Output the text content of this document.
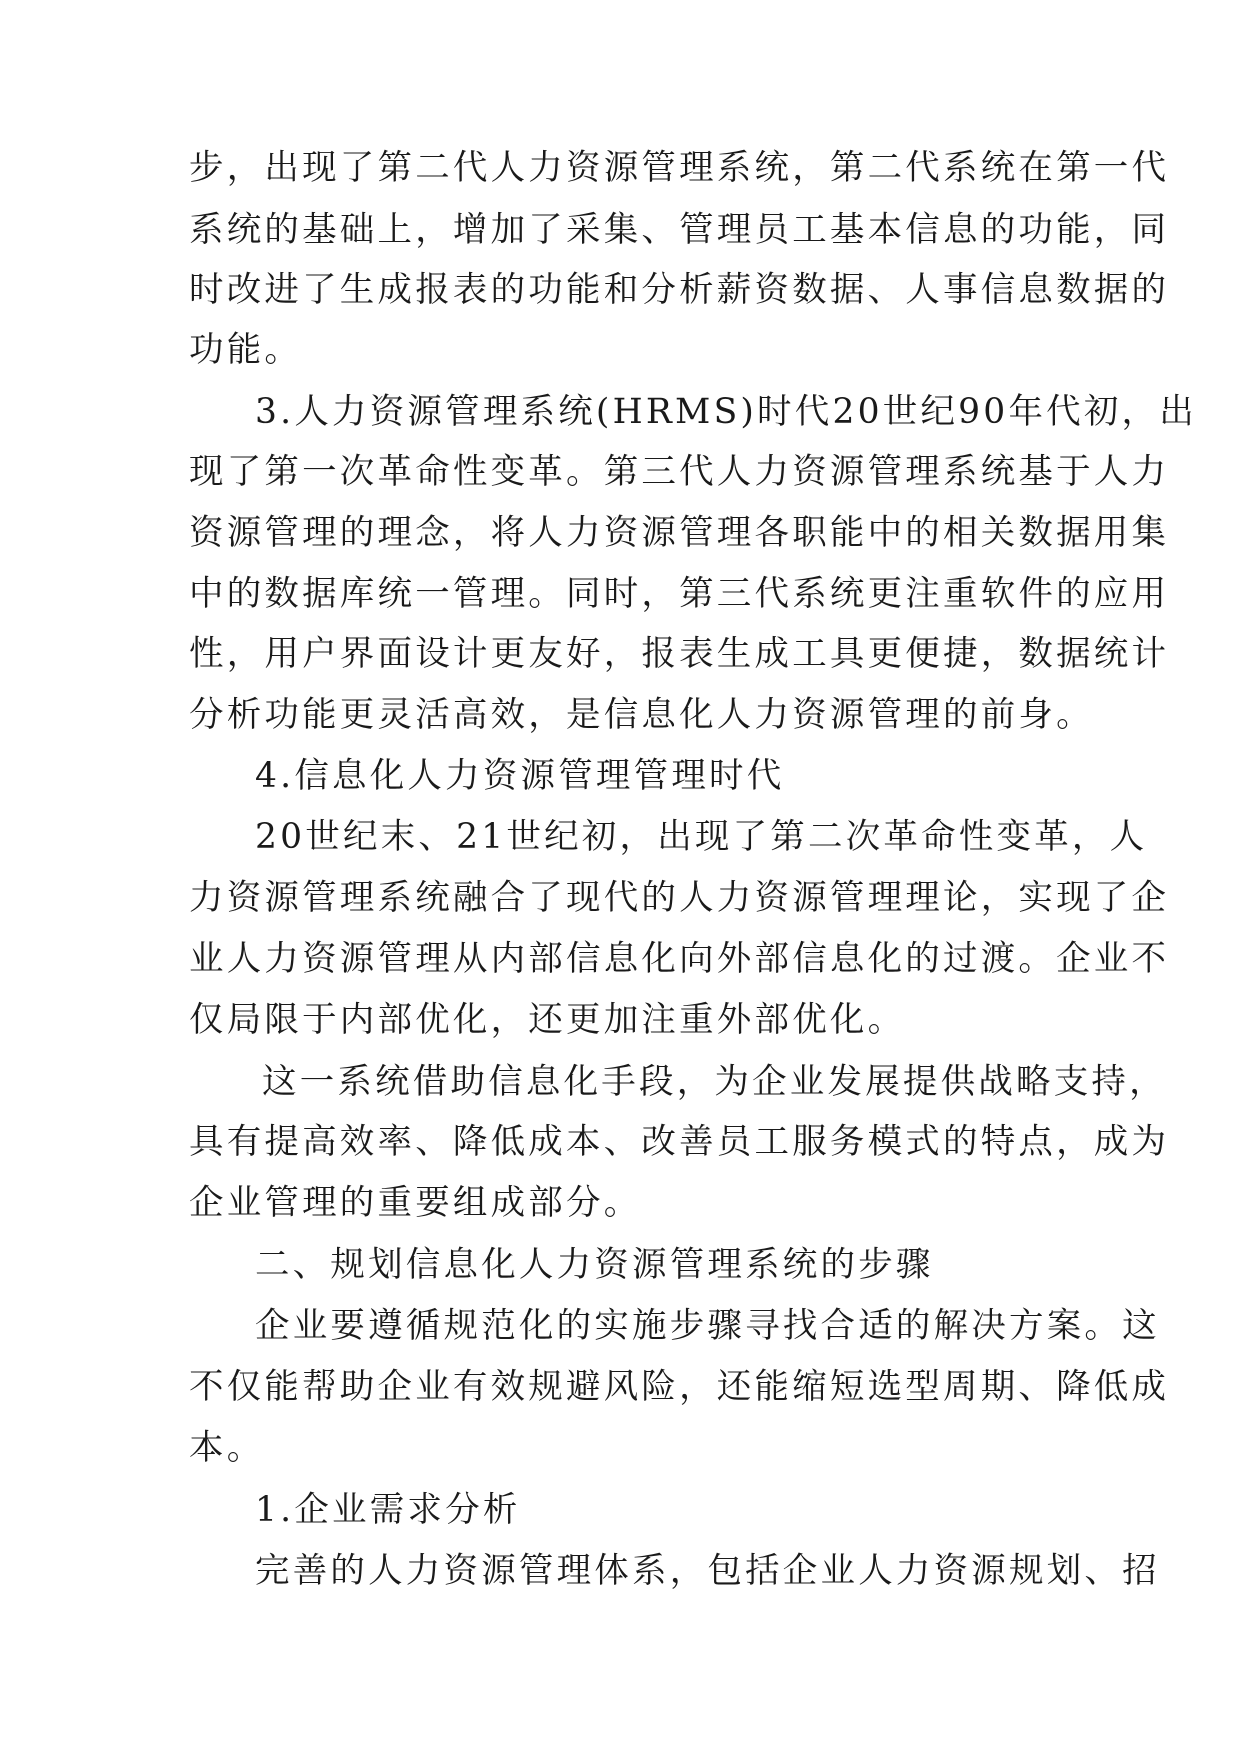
步，出现了第二代人力资源管理系统，第二代系统在第一代
系统的基础上，增加了采集、管理员工基本信息的功能，同
时改进了生成报表的功能和分析薪资数据、人事信息数据的
功能。
3.人力资源管理系统(HRMS)时代20世纪90年代初，出
现了第一次革命性变革。第三代人力资源管理系统基于人力
资源管理的理念，将人力资源管理各职能中的相关数据用集
中的数据库统一管理。同时，第三代系统更注重软件的应用
性，用户界面设计更友好，报表生成工具更便捷，数据统计
分析功能更灵活高效，是信息化人力资源管理的前身。
4.信息化人力资源管理管理时代
20世纪末、21世纪初，出现了第二次革命性变革，人
力资源管理系统融合了现代的人力资源管理理论，实现了企
业人力资源管理从内部信息化向外部信息化的过渡。企业不
仅局限于内部优化，还更加注重外部优化。
这一系统借助信息化手段，为企业发展提供战略支持，
具有提高效率、降低成本、改善员工服务模式的特点，成为
企业管理的重要组成部分。
二、规划信息化人力资源管理系统的步骤
企业要遵循规范化的实施步骤寻找合适的解决方案。这
不仅能帮助企业有效规避风险，还能缩短选型周期、降低成
本。
1.企业需求分析
完善的人力资源管理体系，包括企业人力资源规划、招
